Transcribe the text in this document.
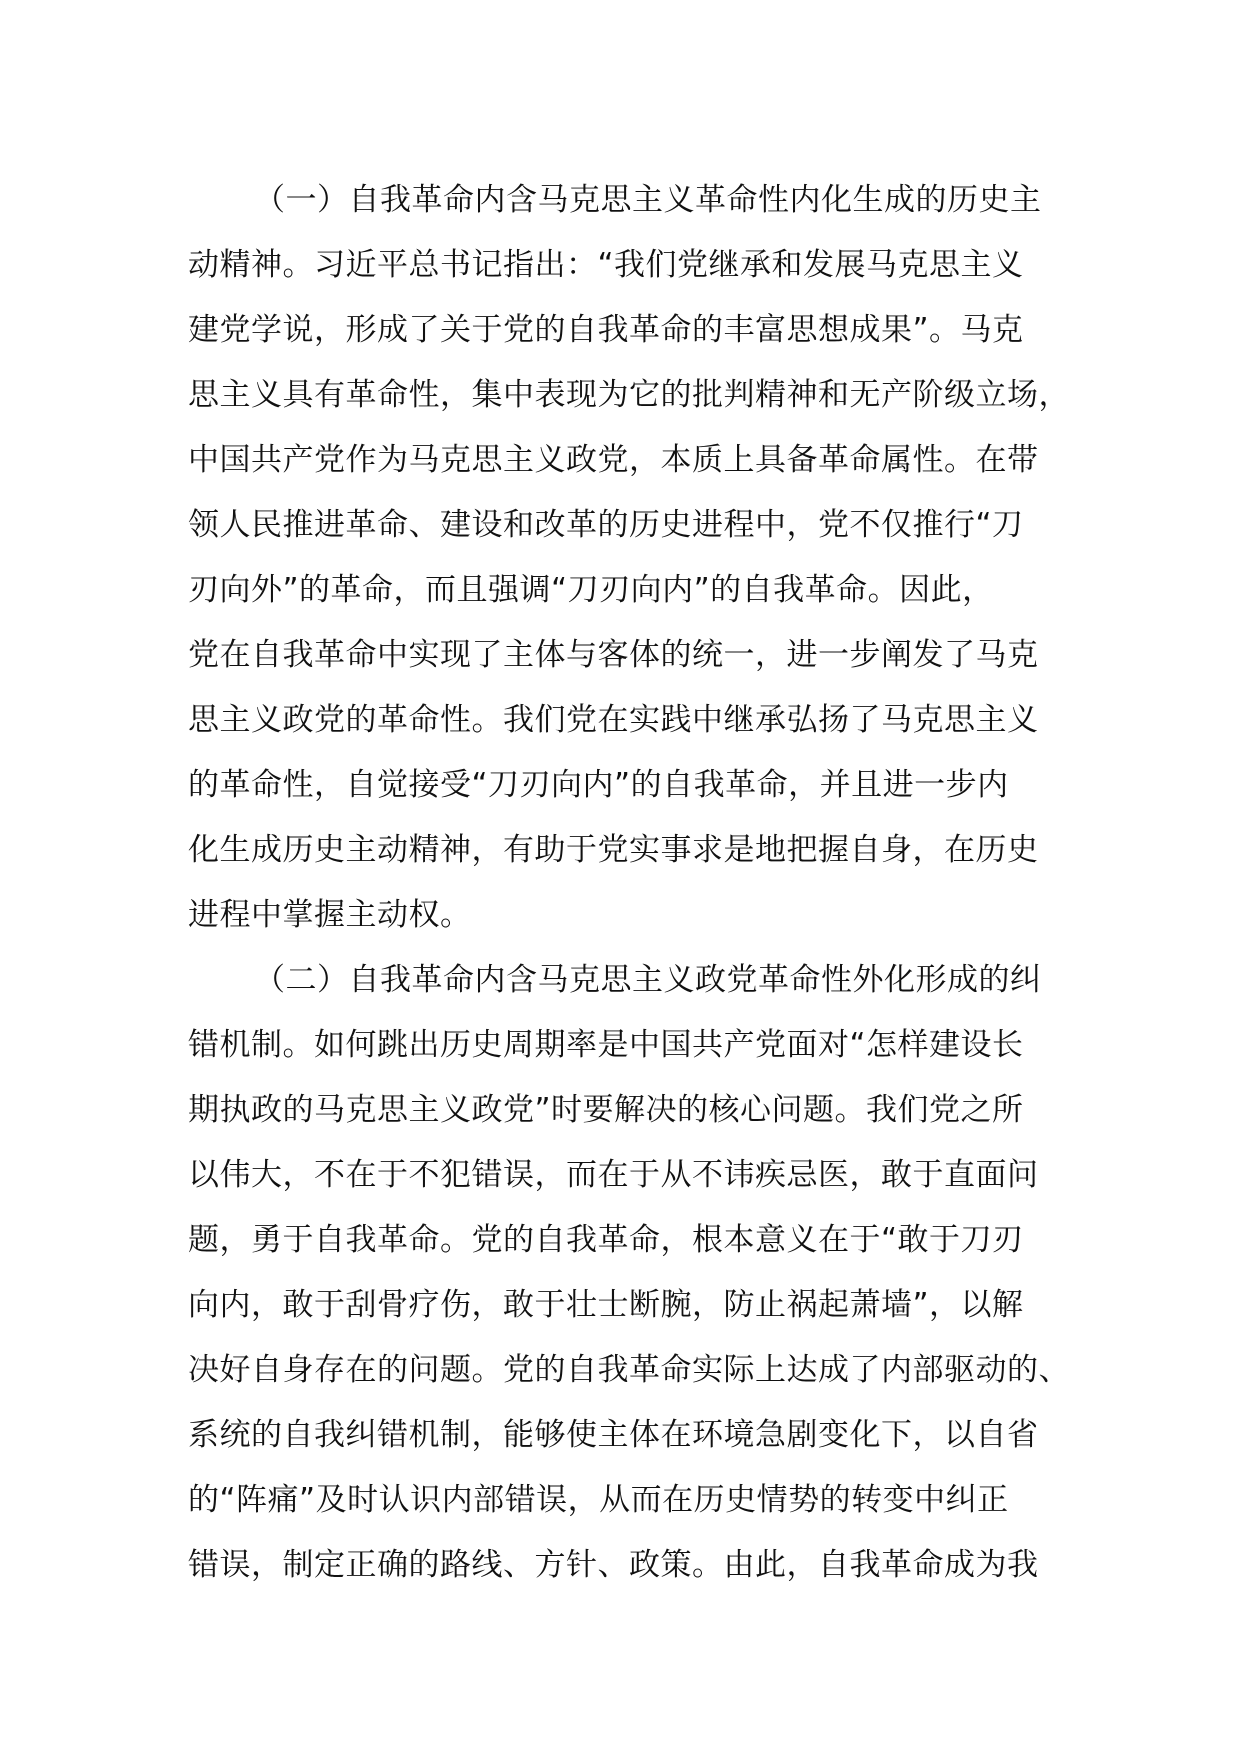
（一）自我革命内含马克思主义革命性内化生成的历史主
动精神。习近平总书记指出：“我们党继承和发展马克思主义
建党学说，形成了关于党的自我革命的丰富思想成果”。马克
思主义具有革命性，集中表现为它的批判精神和无产阶级立场，
中国共产党作为马克思主义政党，本质上具备革命属性。在带
领人民推进革命、建设和改革的历史进程中，党不仅推行“刀
刃向外”的革命，而且强调“刀刃向内”的自我革命。因此，
党在自我革命中实现了主体与客体的统一，进一步阐发了马克
思主义政党的革命性。我们党在实践中继承弘扬了马克思主义
的革命性，自觉接受“刀刃向内”的自我革命，并且进一步内
化生成历史主动精神，有助于党实事求是地把握自身，在历史
进程中掌握主动权。
（二）自我革命内含马克思主义政党革命性外化形成的纠
错机制。如何跳出历史周期率是中国共产党面对“怎样建设长
期执政的马克思主义政党”时要解决的核心问题。我们党之所
以伟大，不在于不犯错误，而在于从不讳疾忌医，敢于直面问
题，勇于自我革命。党的自我革命，根本意义在于“敢于刀刃
向内，敢于刮骨疗伤，敢于壮士断腕，防止祸起萧墙”，以解
决好自身存在的问题。党的自我革命实际上达成了内部驱动的、
系统的自我纠错机制，能够使主体在环境急剧变化下，以自省
的“阵痛”及时认识内部错误，从而在历史情势的转变中纠正
错误，制定正确的路线、方针、政策。由此，自我革命成为我
